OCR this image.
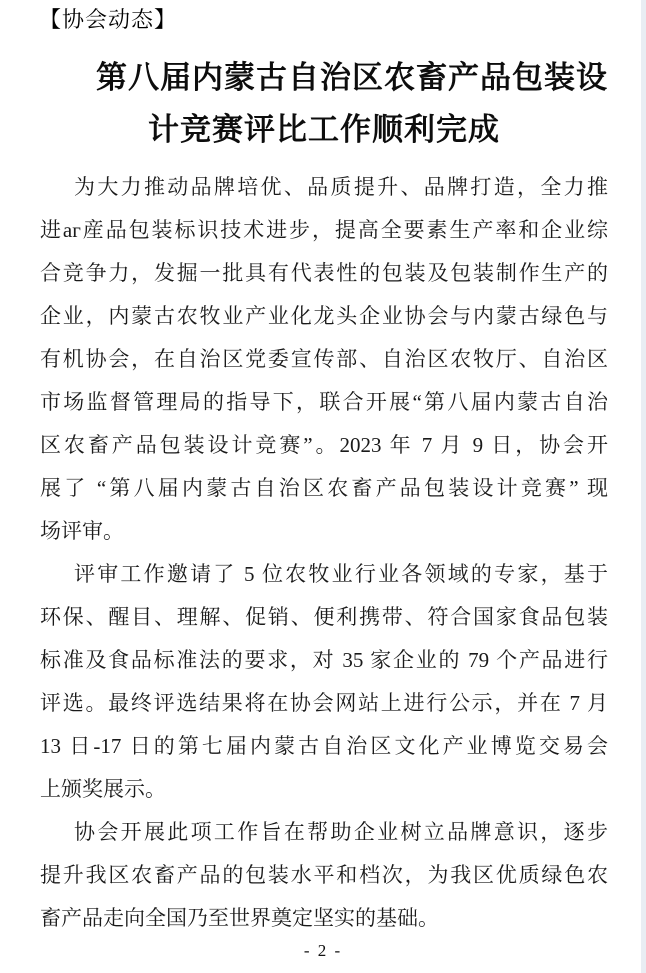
【协会动态】
第八届内蒙古自治区农畜产品包装设
计竞赛评比工作顺利完成
为大力推动品牌培优、品质提升、品牌打造，全力推
进аг産品包装标识技术进步，提高全要素生产率和企业综
合竞争力，发掘一批具有代表性的包装及包装制作生产的
企业，内蒙古农牧业产业化龙头企业协会与内蒙古绿色与
有机协会，在自治区党委宣传部、自治区农牧厅、自治区
市场监督管理局的指导下，联合开展“第八届内蒙古自治
区农畜产品包装设计竞赛”。2023 年 7 月 9 日，协会开
展了 “第八届内蒙古自治区农畜产品包装设计竞赛” 现
场评审。
评审工作邀请了 5 位农牧业行业各领域的专家，基于
环保、醒目、理解、促销、便利携带、符合国家食品包装
标准及食品标准法的要求，对 35 家企业的 79 个产品进行
评选。最终评选结果将在协会网站上进行公示，并在 7 月
13 日-17 日的第七届内蒙古自治区文化产业博览交易会
上颁奖展示。
协会开展此项工作旨在帮助企业树立品牌意识，逐步
提升我区农畜产品的包装水平和档次，为我区优质绿色农
畜产品走向全国乃至世界奠定坚实的基础。
- 2 -
